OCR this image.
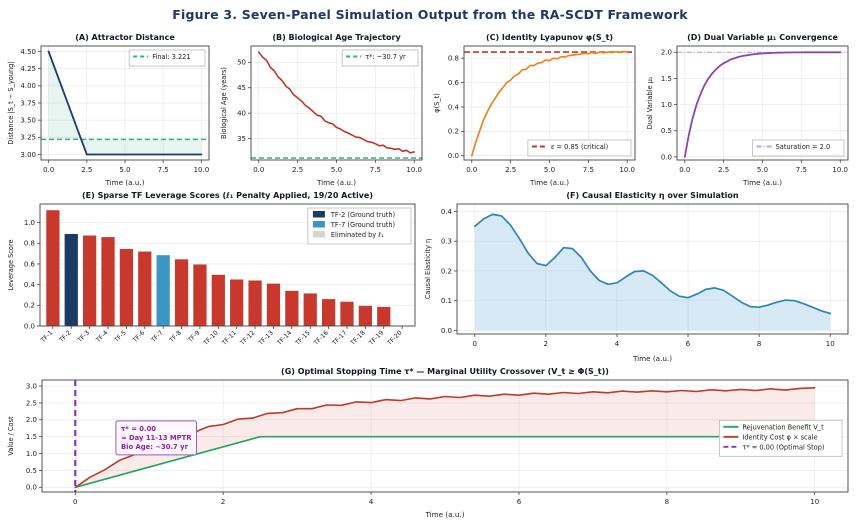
Figure 3. Seven-Panel Simulation Output from the RA-SCDT Framework
0.0	2.5	5.0	7.5	10.0
3.00
3.25
3.50
3.75
4.00
4.25
4.50
Time (a.u.)
Distance |S_t − S_young|
(A) Attractor Distance
Final: 3.221
0.0	2.5	5.0	7.5	10.0
35
40
45
50
Time (a.u.)
Biological Age (years)
(B) Biological Age Trajectory
τ*: ~30.7 yr
0.0	2.5	5.0	7.5	10.0
0.0
0.2
0.4
0.6
0.8
Time (a.u.)
φ(S_t)
(C) Identity Lyapunov φ(S_t)
ε = 0.85 (critical)
0.0	2.5	5.0	7.5	10.0
0.0
0.5
1.0
1.5
2.0
Time (a.u.)
Dual Variable μ₁
(D) Dual Variable μ₁ Convergence
Saturation = 2.0
TF-1 TF-2 TF-3 TF-4 TF-5 TF-6 TF-7 TF-8 TF-9 TF-10 TF-11 TF-12 TF-13 TF-14 TF-15 TF-16 TF-17 TF-18 TF-19 TF-20
0.0
0.2
0.4
0.6
0.8
1.0
Leverage Score
(E) Sparse TF Leverage Scores (ℓ₁ Penalty Applied, 19/20 Active)
TF-2 (Ground truth)
TF-7 (Ground truth)
Eliminated by ℓ₁
0	2	4	6	8	10
0.0
0.1
0.2
0.3
0.4
Time (a.u.)
Causal Elasticity η
(F) Causal Elasticity η over Simulation
0	2	4	6	8	10
0.0
0.5
1.0
1.5
2.0
2.5
3.0
Time (a.u.)
Value / Cost
(G) Optimal Stopping Time τ* — Marginal Utility Crossover (V_t ≥ Φ(S_t))
Rejuvenation Benefit V_t
Identity Cost φ × scale
τ* = 0.00 (Optimal Stop)
τ* = 0.00
≈ Day 11-13 MPTR
Bio Age: ~30.7 yr
